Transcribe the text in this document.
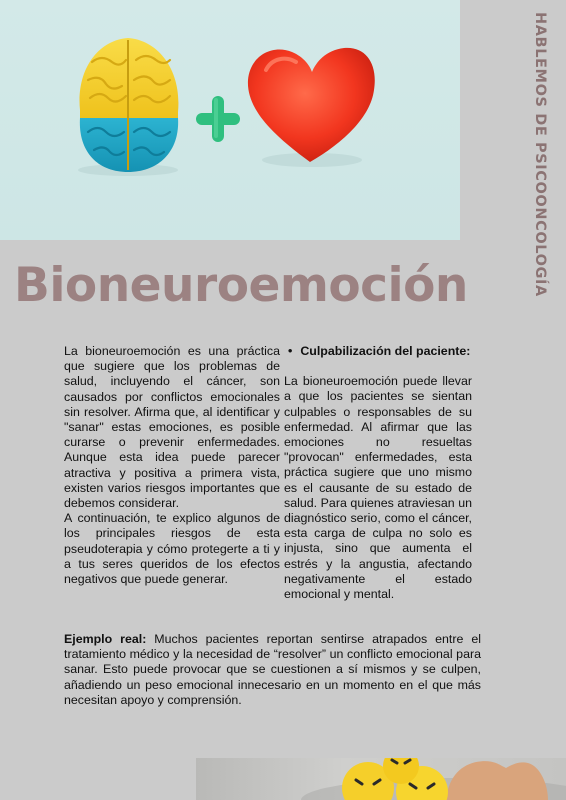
HABLEMOS DE PSICOONCOLOGÍA
Bioneuroemoción

La bioneuroemoción es una práctica que sugiere que los problemas de salud, incluyendo el cáncer, son causados por conflictos emocionales sin resolver. Afirma que, al identificar y "sanar" estas emociones, es posible curarse o prevenir enfermedades. Aunque esta idea puede parecer atractiva y positiva a primera vista, existen varios riesgos importantes que debemos considerar.

A continuación, te explico algunos de los principales riesgos de esta pseudoterapia y cómo protegerte a ti y a tus seres queridos de los efectos negativos que puede generar.

• Culpabilización del paciente:

La bioneuroemoción puede llevar a que los pacientes se sientan culpables o responsables de su enfermedad. Al afirmar que las emociones no resueltas "provocan" enfermedades, esta práctica sugiere que uno mismo es el causante de su estado de salud. Para quienes atraviesan un diagnóstico serio, como el cáncer, esta carga de culpa no solo es injusta, sino que aumenta el estrés y la angustia, afectando negativamente el estado emocional y mental.

Ejemplo real: Muchos pacientes reportan sentirse atrapados entre el tratamiento médico y la necesidad de “resolver” un conflicto emocional para sanar. Esto puede provocar que se cuestionen a sí mismos y se culpen, añadiendo un peso emocional innecesario en un momento en el que más necesitan apoyo y comprensión.
